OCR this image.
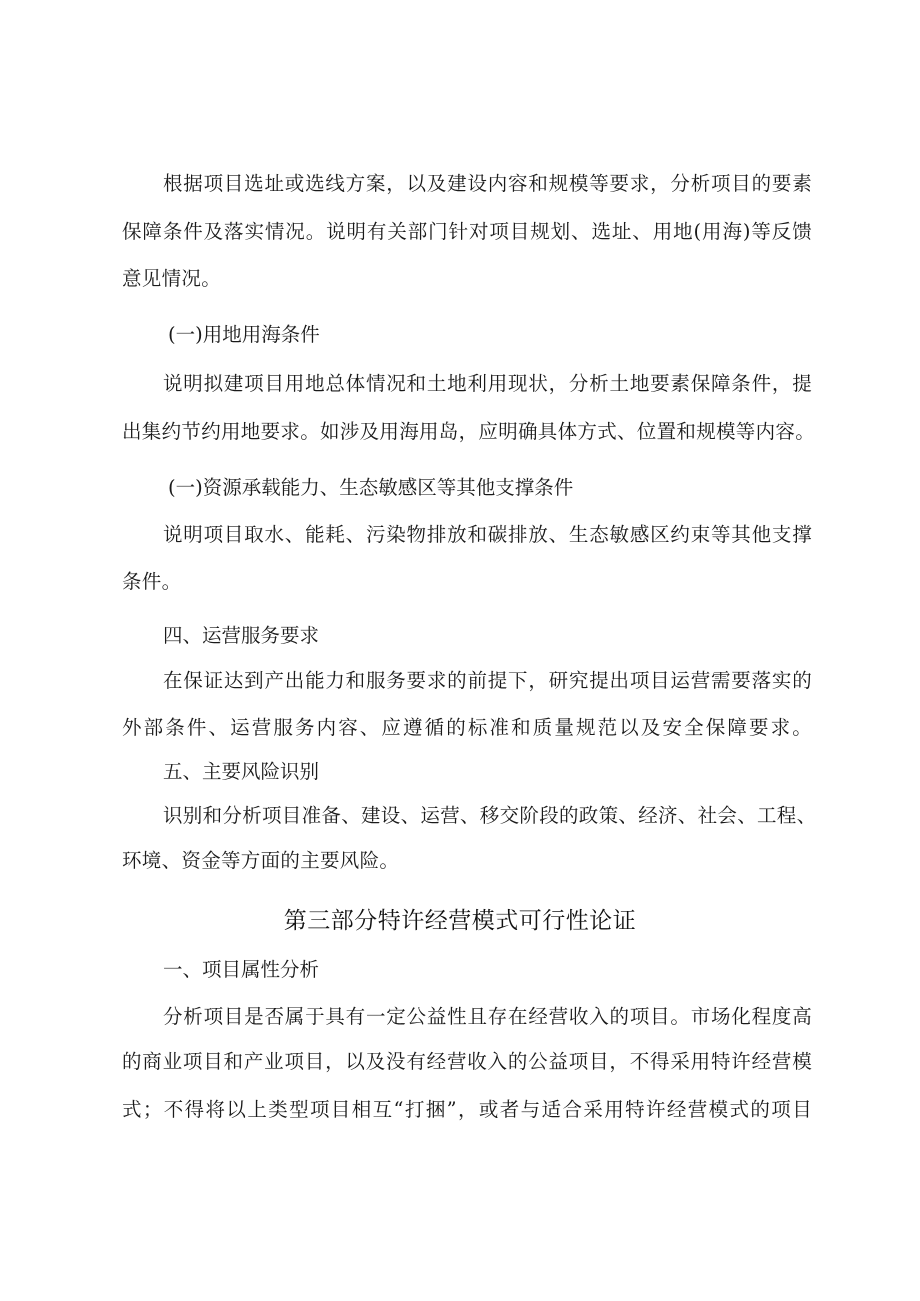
根据项目选址或选线方案，以及建设内容和规模等要求，分析项目的要素
保障条件及落实情况。说明有关部门针对项目规划、选址、用地(用海)等反馈
意见情况。
(一)用地用海条件
说明拟建项目用地总体情况和土地利用现状，分析土地要素保障条件，提
出集约节约用地要求。如涉及用海用岛，应明确具体方式、位置和规模等内容。
(一)资源承载能力、生态敏感区等其他支撑条件
说明项目取水、能耗、污染物排放和碳排放、生态敏感区约束等其他支撑
条件。
四、运营服务要求
在保证达到产出能力和服务要求的前提下，研究提出项目运营需要落实的
外部条件、运营服务内容、应遵循的标准和质量规范以及安全保障要求。
五、主要风险识别
识别和分析项目准备、建设、运营、移交阶段的政策、经济、社会、工程、
环境、资金等方面的主要风险。
第三部分特许经营模式可行性论证
一、项目属性分析
分析项目是否属于具有一定公益性且存在经营收入的项目。市场化程度高
的商业项目和产业项目，以及没有经营收入的公益项目，不得采用特许经营模
式；不得将以上类型项目相互“打捆”，或者与适合采用特许经营模式的项目
